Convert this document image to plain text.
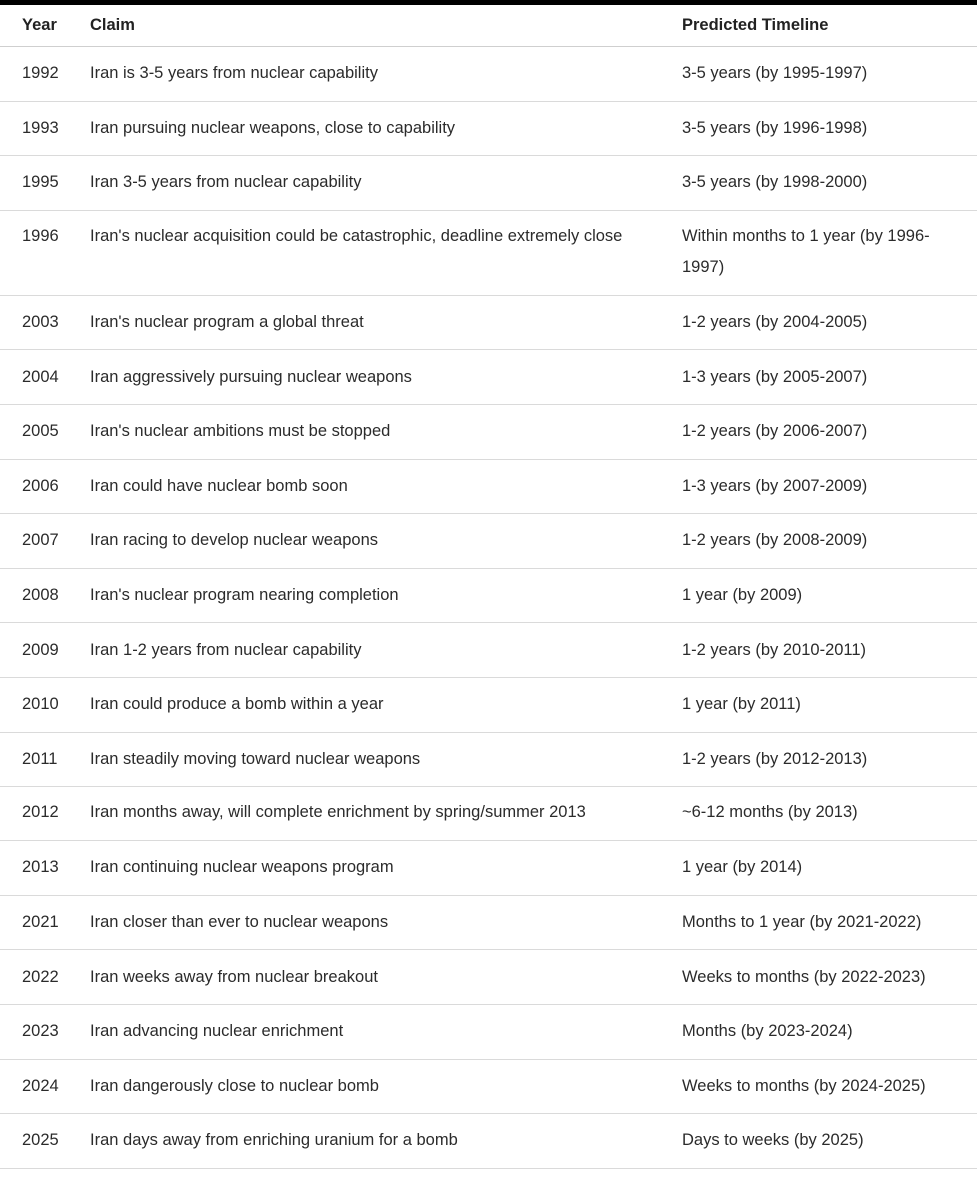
Year	Claim	Predicted Timeline
1992	Iran is 3-5 years from nuclear capability	3-5 years (by 1995-1997)
1993	Iran pursuing nuclear weapons, close to capability	3-5 years (by 1996-1998)
1995	Iran 3-5 years from nuclear capability	3-5 years (by 1998-2000)
1996	Iran's nuclear acquisition could be catastrophic, deadline extremely close	Within months to 1 year (by 1996-1997)
2003	Iran's nuclear program a global threat	1-2 years (by 2004-2005)
2004	Iran aggressively pursuing nuclear weapons	1-3 years (by 2005-2007)
2005	Iran's nuclear ambitions must be stopped	1-2 years (by 2006-2007)
2006	Iran could have nuclear bomb soon	1-3 years (by 2007-2009)
2007	Iran racing to develop nuclear weapons	1-2 years (by 2008-2009)
2008	Iran's nuclear program nearing completion	1 year (by 2009)
2009	Iran 1-2 years from nuclear capability	1-2 years (by 2010-2011)
2010	Iran could produce a bomb within a year	1 year (by 2011)
2011	Iran steadily moving toward nuclear weapons	1-2 years (by 2012-2013)
2012	Iran months away, will complete enrichment by spring/summer 2013	~6-12 months (by 2013)
2013	Iran continuing nuclear weapons program	1 year (by 2014)
2021	Iran closer than ever to nuclear weapons	Months to 1 year (by 2021-2022)
2022	Iran weeks away from nuclear breakout	Weeks to months (by 2022-2023)
2023	Iran advancing nuclear enrichment	Months (by 2023-2024)
2024	Iran dangerously close to nuclear bomb	Weeks to months (by 2024-2025)
2025	Iran days away from enriching uranium for a bomb	Days to weeks (by 2025)
